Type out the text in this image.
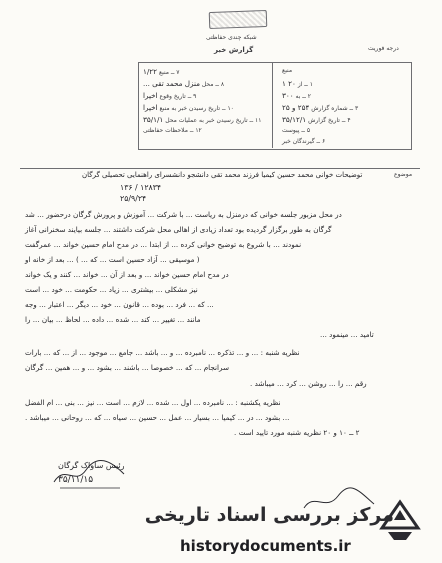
شبکه چندی حفاظتی
گزارش خبر	درجه فوریت
۷ ــ منبع ۱/۲۲
۸ ــ محل منزل محمد تقی ...
۹ ــ تاریخ وقوع اخیرا
۱۰ ــ تاریخ رسیدن خبر به منبع اخیرا
۱۱ ــ تاریخ رسیدن خبر به عملیات محل ۳۵/۱/۱
۱۲ ــ ملاحظات حفاظتی
منبع
۱ ــ از ۲۰ ۱
۲ ــ به ۳۰۰
۳ ــ شماره گزارش ۲۵۴ و ۲۵
۴ ــ تاریخ گزارش ۳۵/۱۲/۱
۵ ــ پیوست
۶ ــ گیرندگان خبر
موضوع
توضیحات خوانی محمد حسین کیمیا فرزند محمد تقی دانشجو دانشسرای راهنمایی تحصیلی گرگان
۱۲۸۳۴ / ۱۳۶
۲۵/۹/۲۴
در محل مزبور جلسه خوانی که درمنزل به ریاست ... با شرکت ... آموزش و پرورش گرگان درحضور ... شد
گرگان به طور برگزار گردیده بود تعداد زیادی از اهالی محل شرکت داشتند ... جلسه بیایند سخنرانی آغاز
نمودند ... با شروع به توضیح خوانی کرده ... از ابتدا ... در مدح امام حسین خواند ... عمرگفت
( موسیقی ... آزاد حسین است ... که ... ) ... بعد از خانه او
در مدح امام حسین خواند ... و بعد از آن ... خواند ... کنند و یک خواند
نیز مشکلی ... بیشتری ... زیاد ... حکومت ... خود ... است
... که ... فرد ... بوده ... قانون ... خود ... دیگر ... اعتبار ... وجه
مانند ... تغییر ... کند ... شده ... داده ... لحاظ ... بیان ... را
تامید ... مینمود ...
نظریه شنبه : ... و ... تذکره ... نامبرده ... و ... باشد ... جامع ... موجود ... از ... که ... بارات
سرانجام ... که ... خصوصا ... باشند ... بشود ... و ... همین ... گرگان
رقم ... را ... روشن ... کرد ... میباشد .
نظریه یکشنبه : ... نامبرده ... اول ... شده ... لازم ... است ... نیز ... بنی ... ام الفضل
... بشود ... در ... کیمیا ... بسیار ... عمل ... حسین ... سیاه ... که ... روحانی ... میباشد .
۲ ــ ۱۰ و ۲۰ نظریه شنبه مورد تایید است .
رئیس ساواک گرگان
۳۵/۱۱/۱۵
مرکز بررسی اسناد تاریخی
historydocuments.ir
